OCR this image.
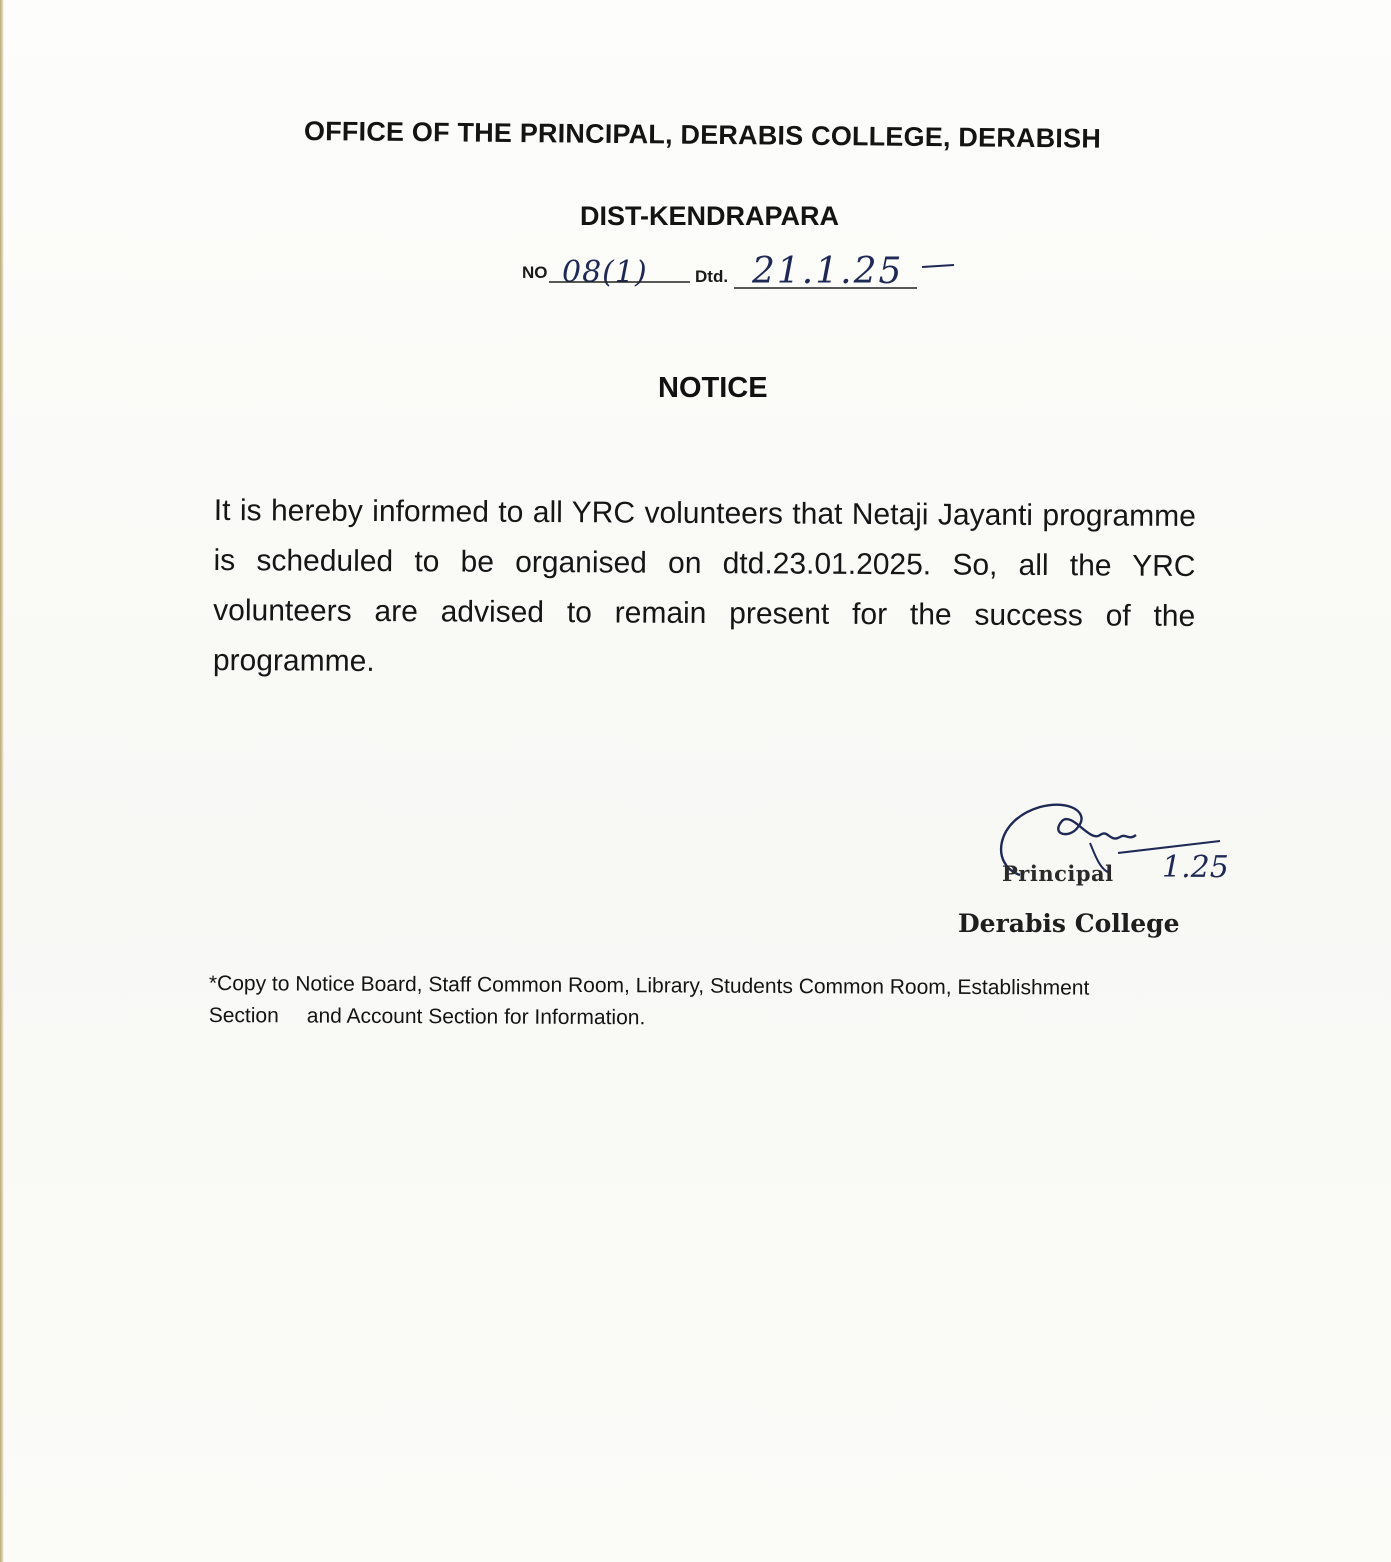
OFFICE OF THE PRINCIPAL, DERABIS COLLEGE, DERABISH
DIST-KENDRAPARA
NO 08(1)	Dtd. 21.1.25
NOTICE
It is hereby informed to all YRC volunteers that Netaji Jayanti programme is scheduled to be organised on dtd.23.01.2025. So, all the YRC volunteers are advised to remain present for the success of the programme.
Principal 1.25
Derabis College
*Copy to Notice Board, Staff Common Room, Library, Students Common Room, Establishment
Section and Account Section for Information.
